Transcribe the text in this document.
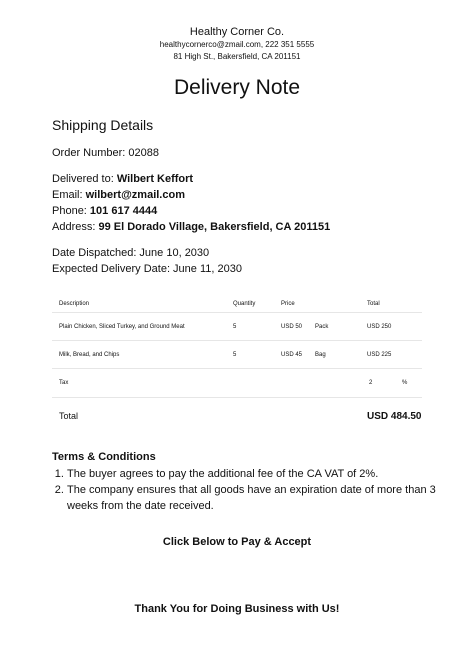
Healthy Corner Co.
healthycornerco@zmail.com, 222 351 5555
81 High St., Bakersfield, CA 201151
Delivery Note
Shipping Details
Order Number: 02088
Delivered to: Wilbert Keffort
Email: wilbert@zmail.com
Phone: 101 617 4444
Address: 99 El Dorado Village, Bakersfield, CA 201151
Date Dispatched: June 10, 2030
Expected Delivery Date: June 11, 2030
Description	Quantity	Price		Total	
Plain Chicken, Sliced Turkey, and Ground Meat	5	USD 50	Pack	USD 250	
Milk, Bread, and Chips	5	USD 45	Bag	USD 225	
Tax				2	%
Total				USD 484.50	
Terms & Conditions
1. The buyer agrees to pay the additional fee of the CA VAT of 2%.
2. The company ensures that all goods have an expiration date of more than 3 weeks from the date received.
Click Below to Pay & Accept
Thank You for Doing Business with Us!
